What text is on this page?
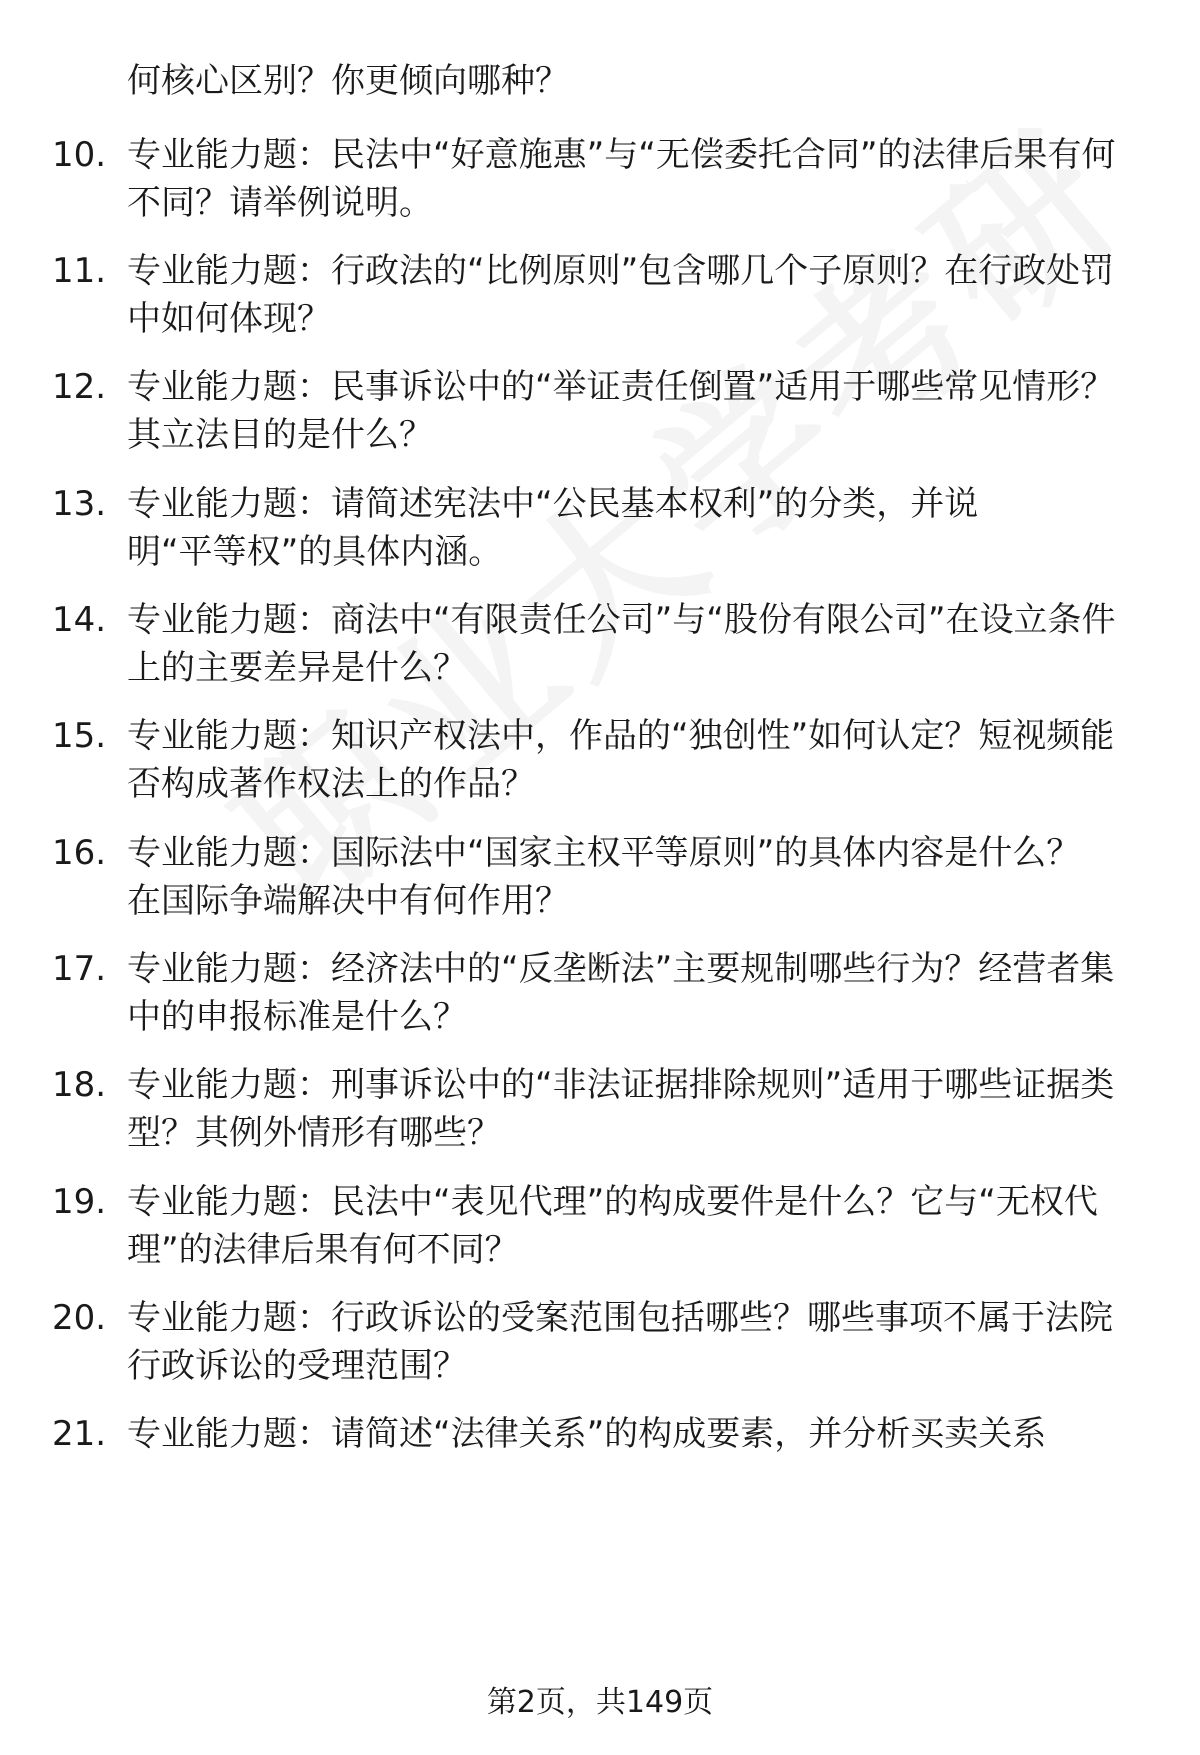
何核心区别？你更倾向哪种？
10. 专业能力题：民法中“好意施惠”与“无偿委托合同”的法律后果有何不同？请举例说明。
11. 专业能力题：行政法的“比例原则”包含哪几个子原则？在行政处罚中如何体现？
12. 专业能力题：民事诉讼中的“举证责任倒置”适用于哪些常见情形？其立法目的是什么？
13. 专业能力题：请简述宪法中“公民基本权利”的分类，并说明“平等权”的具体内涵。
14. 专业能力题：商法中“有限责任公司”与“股份有限公司”在设立条件上的主要差异是什么？
15. 专业能力题：知识产权法中，作品的“独创性”如何认定？短视频能否构成著作权法上的作品？
16. 专业能力题：国际法中“国家主权平等原则”的具体内容是什么？在国际争端解决中有何作用？
17. 专业能力题：经济法中的“反垄断法”主要规制哪些行为？经营者集中的申报标准是什么？
18. 专业能力题：刑事诉讼中的“非法证据排除规则”适用于哪些证据类型？其例外情形有哪些？
19. 专业能力题：民法中“表见代理”的构成要件是什么？它与“无权代理”的法律后果有何不同？
20. 专业能力题：行政诉讼的受案范围包括哪些？哪些事项不属于法院行政诉讼的受理范围？
21. 专业能力题：请简述“法律关系”的构成要素，并分析买卖关系
第2页，共149页
